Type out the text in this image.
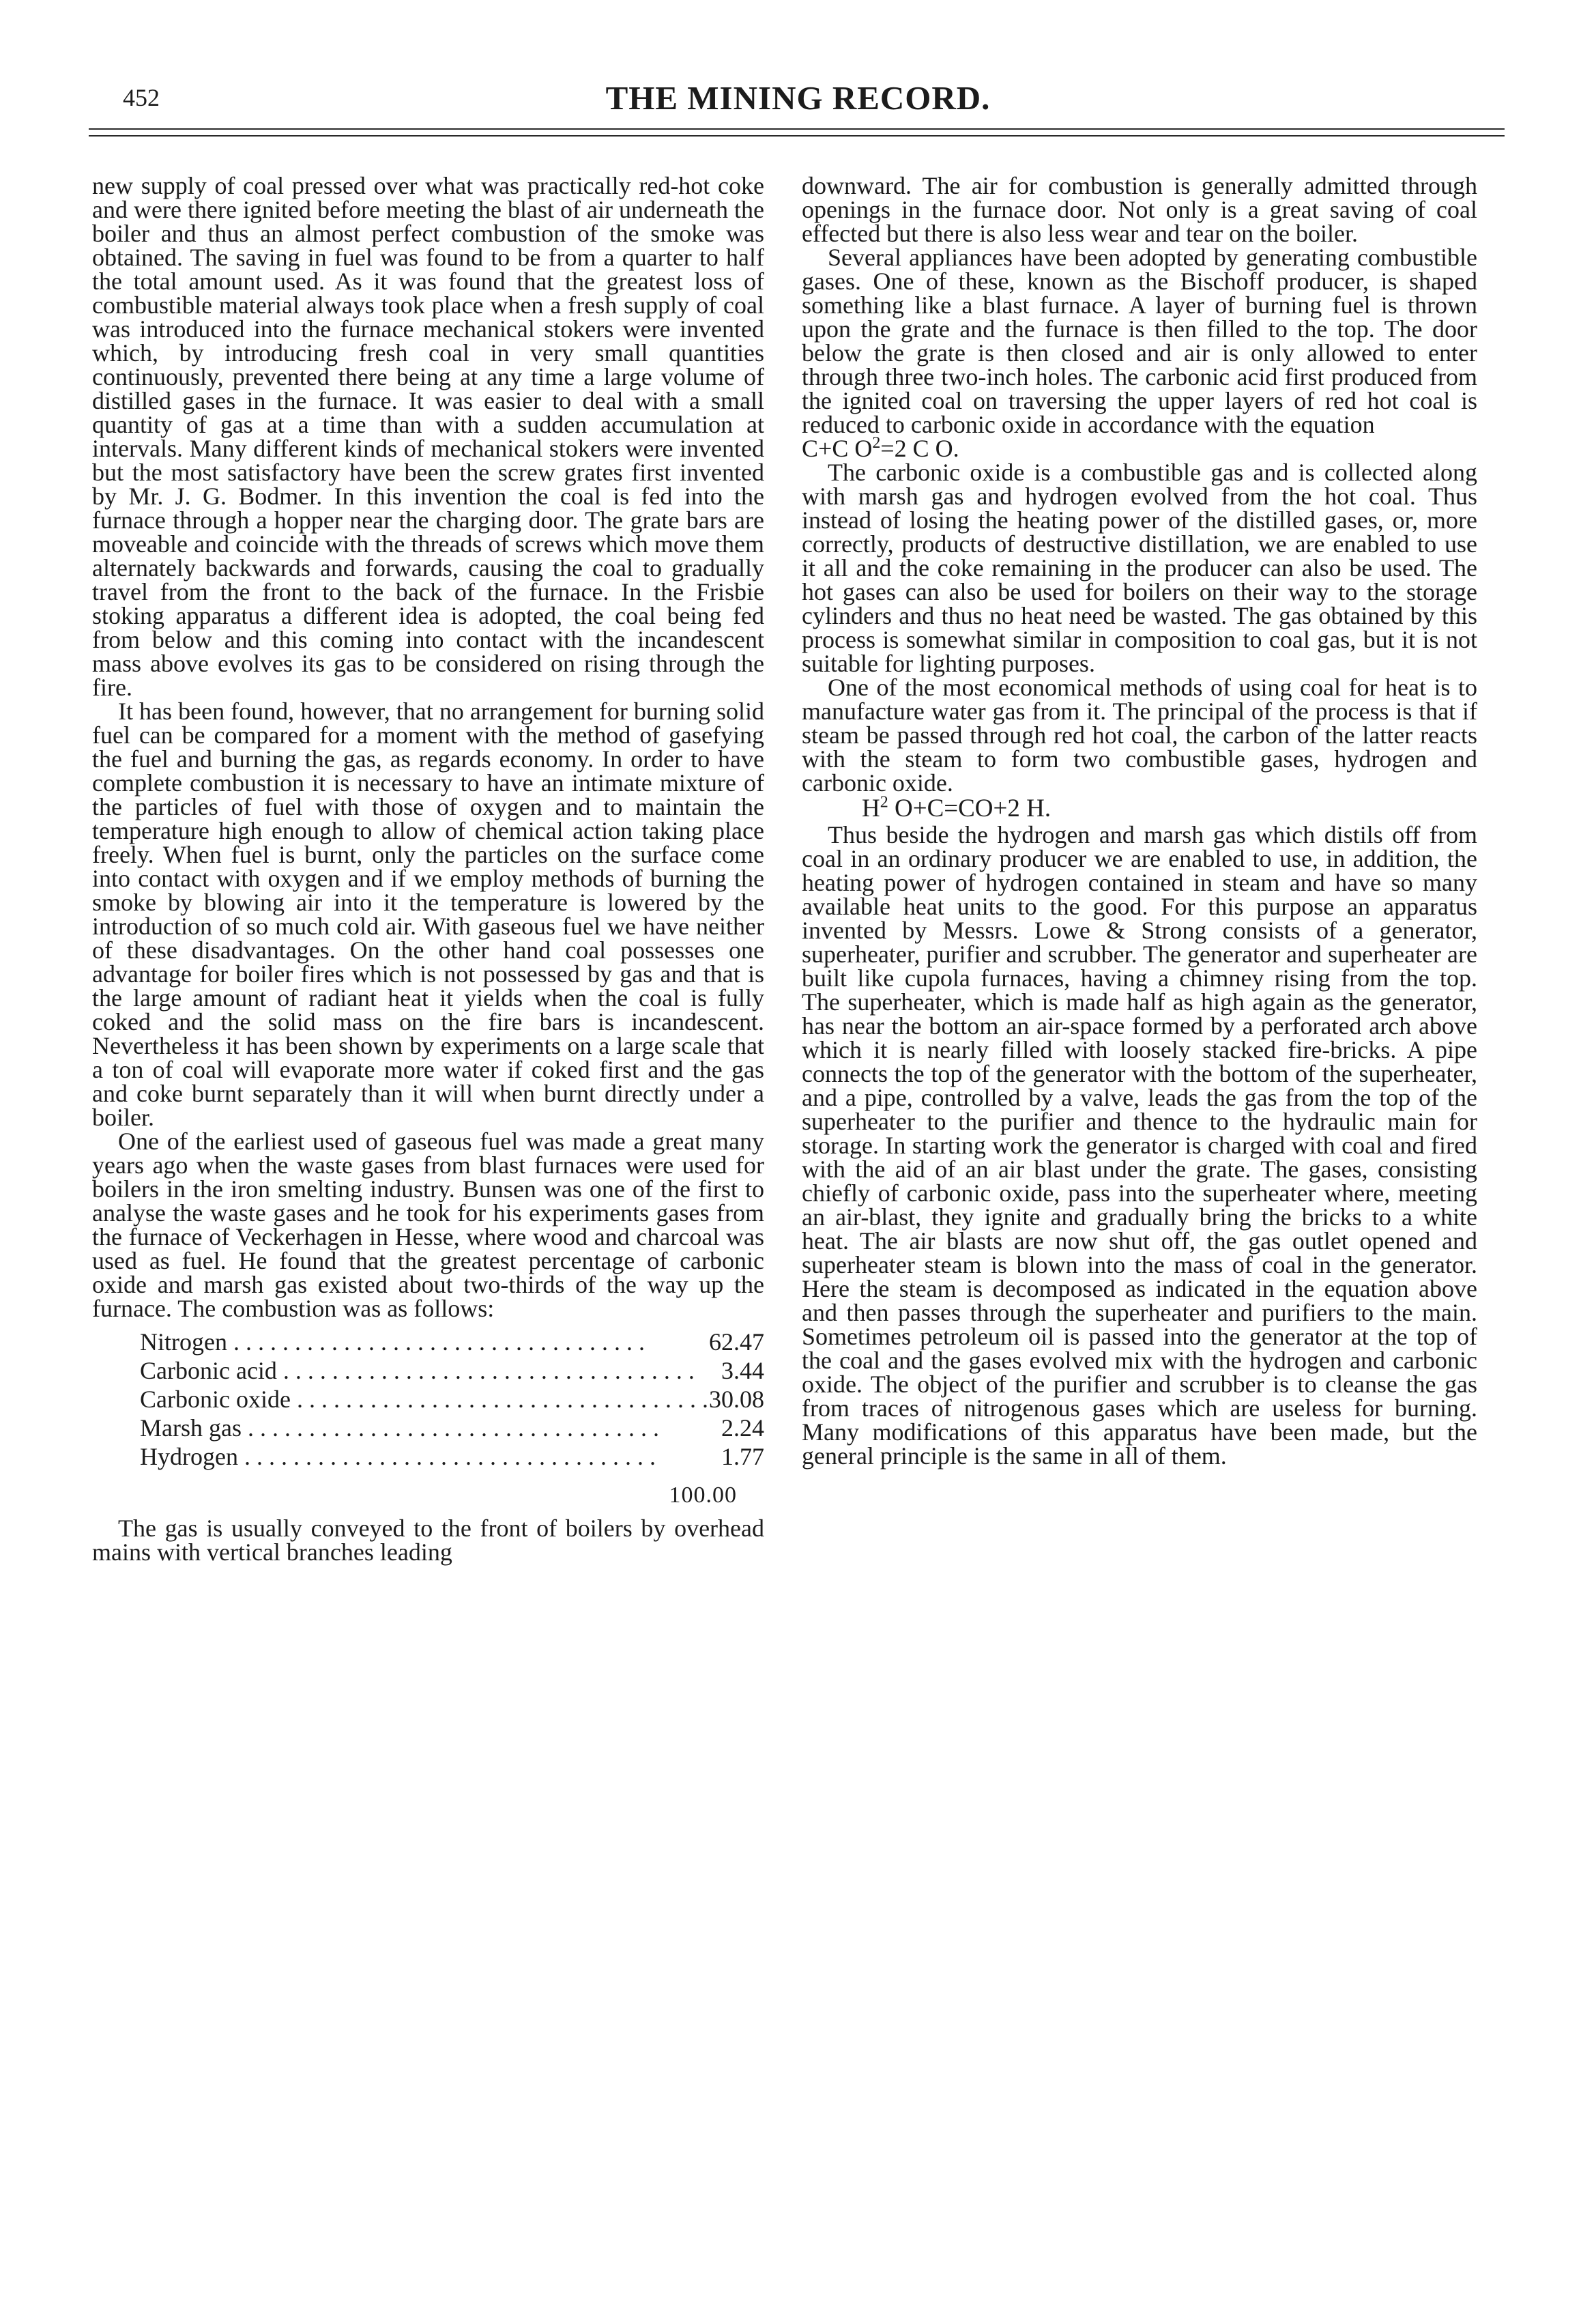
452	THE MINING RECORD.

new supply of coal pressed over what was practically red-hot coke and were there ignited before meeting the blast of air underneath the boiler and thus an almost perfect combustion of the smoke was obtained. The saving in fuel was found to be from a quarter to half the total amount used. As it was found that the greatest loss of combustible material always took place when a fresh supply of coal was introduced into the furnace mechanical stokers were invented which, by introducing fresh coal in very small quantities continuously, prevented there being at any time a large volume of distilled gases in the furnace. It was easier to deal with a small quantity of gas at a time than with a sudden accumulation at intervals. Many different kinds of mechanical stokers were invented but the most satisfactory have been the screw grates first invented by Mr. J. G. Bodmer. In this invention the coal is fed into the furnace through a hopper near the charging door. The grate bars are moveable and coincide with the threads of screws which move them alternately backwards and forwards, causing the coal to gradually travel from the front to the back of the furnace. In the Frisbie stoking apparatus a different idea is adopted, the coal being fed from below and this coming into contact with the incandescent mass above evolves its gas to be considered on rising through the fire.

It has been found, however, that no arrangement for burning solid fuel can be compared for a moment with the method of gasefying the fuel and burning the gas, as regards economy. In order to have complete combustion it is necessary to have an intimate mixture of the particles of fuel with those of oxygen and to maintain the temperature high enough to allow of chemical action taking place freely. When fuel is burnt, only the particles on the surface come into contact with oxygen and if we employ methods of burning the smoke by blowing air into it the temperature is lowered by the introduction of so much cold air. With gaseous fuel we have neither of these disadvantages. On the other hand coal possesses one advantage for boiler fires which is not possessed by gas and that is the large amount of radiant heat it yields when the coal is fully coked and the solid mass on the fire bars is incandescent. Nevertheless it has been shown by experiments on a large scale that a ton of coal will evaporate more water if coked first and the gas and coke burnt separately than it will when burnt directly under a boiler.

One of the earliest used of gaseous fuel was made a great many years ago when the waste gases from blast furnaces were used for boilers in the iron smelting industry. Bunsen was one of the first to analyse the waste gases and he took for his experiments gases from the furnace of Veckerhagen in Hesse, where wood and charcoal was used as fuel. He found that the greatest percentage of carbonic oxide and marsh gas existed about two-thirds of the way up the furnace. The combustion was as follows:

Nitrogen . . .	62.47
Carbonic acid . . .	3.44
Carbonic oxide . . .	30.08
Marsh gas . . .	2.24
Hydrogen . . .	1.77
100.00

The gas is usually conveyed to the front of boilers by overhead mains with vertical branches leading

downward. The air for combustion is generally admitted through openings in the furnace door. Not only is a great saving of coal effected but there is also less wear and tear on the boiler.

Several appliances have been adopted by generating combustible gases. One of these, known as the Bischoff producer, is shaped something like a blast furnace. A layer of burning fuel is thrown upon the grate and the furnace is then filled to the top. The door below the grate is then closed and air is only allowed to enter through three two-inch holes. The carbonic acid first produced from the ignited coal on traversing the upper layers of red hot coal is reduced to carbonic oxide in accordance with the equation

C+C $O^2=2$ C O.

The carbonic oxide is a combustible gas and is collected along with marsh gas and hydrogen evolved from the hot coal. Thus instead of losing the heating power of the distilled gases, or, more correctly, products of destructive distillation, we are enabled to use it all and the coke remaining in the producer can also be used. The hot gases can also be used for boilers on their way to the storage cylinders and thus no heat need be wasted. The gas obtained by this process is somewhat similar in composition to coal gas, but it is not suitable for lighting purposes.

One of the most economical methods of using coal for heat is to manufacture water gas from it. The principal of the process is that if steam be passed through red hot coal, the carbon of the latter reacts with the steam to form two combustible gases, hydrogen and carbonic oxide.

$H^2$ O+C=CO+2 H.

Thus beside the hydrogen and marsh gas which distils off from coal in an ordinary producer we are enabled to use, in addition, the heating power of hydrogen contained in steam and have so many available heat units to the good. For this purpose an apparatus invented by Messrs. Lowe & Strong consists of a generator, superheater, purifier and scrubber. The generator and superheater are built like cupola furnaces, having a chimney rising from the top. The superheater, which is made half as high again as the generator, has near the bottom an air-space formed by a perforated arch above which it is nearly filled with loosely stacked fire-bricks. A pipe connects the top of the generator with the bottom of the superheater, and a pipe, controlled by a valve, leads the gas from the top of the superheater to the purifier and thence to the hydraulic main for storage. In starting work the generator is charged with coal and fired with the aid of an air blast under the grate. The gases, consisting chiefly of carbonic oxide, pass into the superheater where, meeting an air-blast, they ignite and gradually bring the bricks to a white heat. The air blasts are now shut off, the gas outlet opened and superheater steam is blown into the mass of coal in the generator. Here the steam is decomposed as indicated in the equation above and then passes through the superheater and purifiers to the main. Sometimes petroleum oil is passed into the generator at the top of the coal and the gases evolved mix with the hydrogen and carbonic oxide. The object of the purifier and scrubber is to cleanse the gas from traces of nitrogenous gases which are useless for burning. Many modifications of this apparatus have been made, but the general principle is the same in all of them.
